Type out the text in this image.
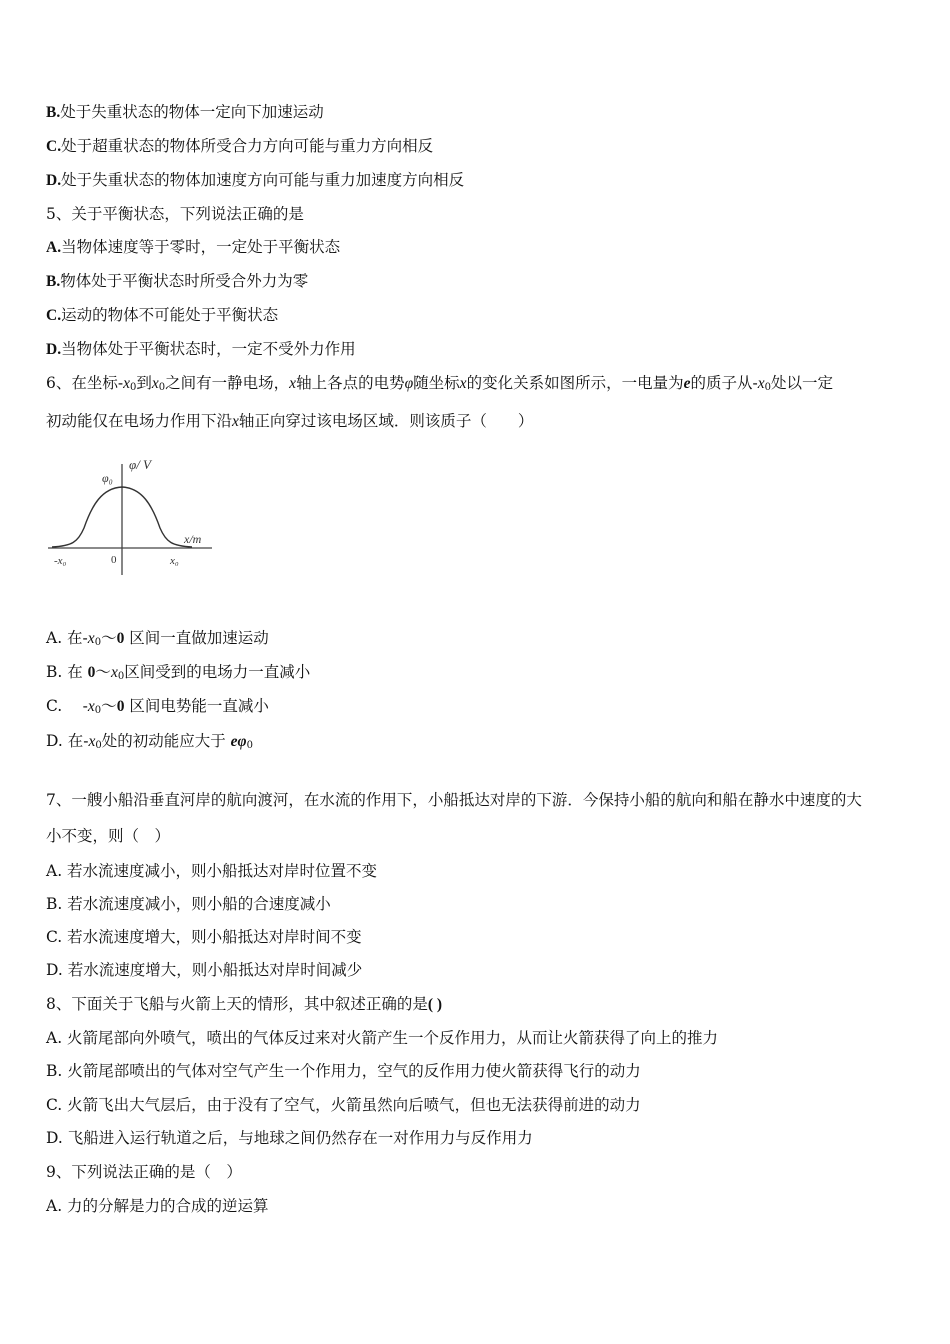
B.处于失重状态的物体一定向下加速运动
C.处于超重状态的物体所受合力方向可能与重力方向相反
D.处于失重状态的物体加速度方向可能与重力加速度方向相反
5、关于平衡状态，下列说法正确的是
A.当物体速度等于零时，一定处于平衡状态
B.物体处于平衡状态时所受合外力为零
C.运动的物体不可能处于平衡状态
D.当物体处于平衡状态时，一定不受外力作用
6、在坐标$-x_0$到$x_0$之间有一静电场，x轴上各点的电势φ随坐标x的变化关系如图所示，一电量为e的质子从$-x_0$处以一定
初动能仅在电场力作用下沿x轴正向穿过该电场区域．则该质子（　　）
φ/ V
φ₀
x/m
-x₀	0	x₀
A. 在$-x_0\sim 0$ 区间一直做加速运动
B. 在 $0\sim x_0$区间受到的电场力一直减小
C.　 $-x_0\sim 0$ 区间电势能一直减小
D. 在$-x_0$处的初动能应大于 $e\varphi_0$
7、一艘小船沿垂直河岸的航向渡河，在水流的作用下，小船抵达对岸的下游．今保持小船的航向和船在静水中速度的大
小不变，则（　）
A. 若水流速度减小，则小船抵达对岸时位置不变
B. 若水流速度减小，则小船的合速度减小
C. 若水流速度增大，则小船抵达对岸时间不变
D. 若水流速度增大，则小船抵达对岸时间减少
8、下面关于飞船与火箭上天的情形，其中叙述正确的是( )
A. 火箭尾部向外喷气，喷出的气体反过来对火箭产生一个反作用力，从而让火箭获得了向上的推力
B. 火箭尾部喷出的气体对空气产生一个作用力，空气的反作用力使火箭获得飞行的动力
C. 火箭飞出大气层后，由于没有了空气，火箭虽然向后喷气，但也无法获得前进的动力
D. 飞船进入运行轨道之后，与地球之间仍然存在一对作用力与反作用力
9、下列说法正确的是（　）
A. 力的分解是力的合成的逆运算
